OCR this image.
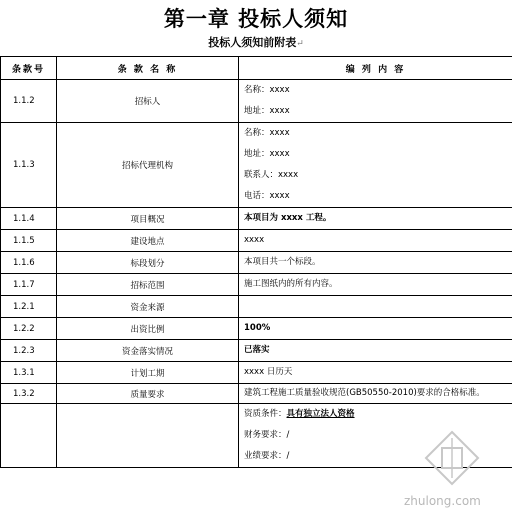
第一章 投标人须知
投标人须知前附表↵
条款号	条 款 名 称	编 列 内 容
1.1.2	招标人	名称：xxxx
地址：xxxx

1.1.3	招标代理机构	名称：xxxx
地址：xxxx
联系人：xxxx
电话：xxxx

1.1.4	项目概况	本项目为 xxxx 工程。

1.1.5	建设地点	xxxx

1.1.6	标段划分	本项目共一个标段。

1.1.7	招标范围	施工图纸内的所有内容。

1.2.1	资金来源	

1.2.2	出资比例	100%

1.2.3	资金落实情况	已落实

1.3.1	计划工期	xxxx 日历天

1.3.2	质量要求	建筑工程施工质量验收规范(GB50550-2010)要求的合格标准。

		资质条件：具有独立法人资格
财务要求：/
业绩要求：/
zhulong.com
